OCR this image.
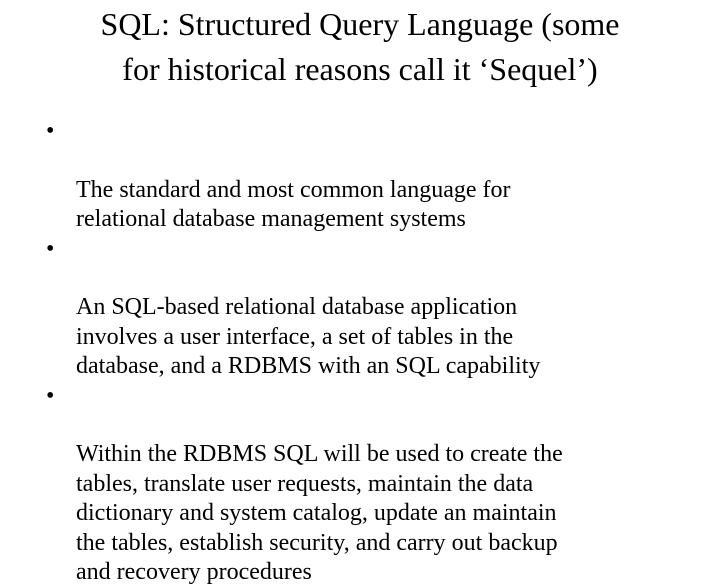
SQL: Structured Query Language (some
for historical reasons call it ‘Sequel’)

•

The standard and most common language for
relational database management systems

•

An SQL-based relational database application
involves a user interface, a set of tables in the
database, and a RDBMS with an SQL capability

•

Within the RDBMS SQL will be used to create the
tables, translate user requests, maintain the data
dictionary and system catalog, update an maintain
the tables, establish security, and carry out backup
and recovery procedures
